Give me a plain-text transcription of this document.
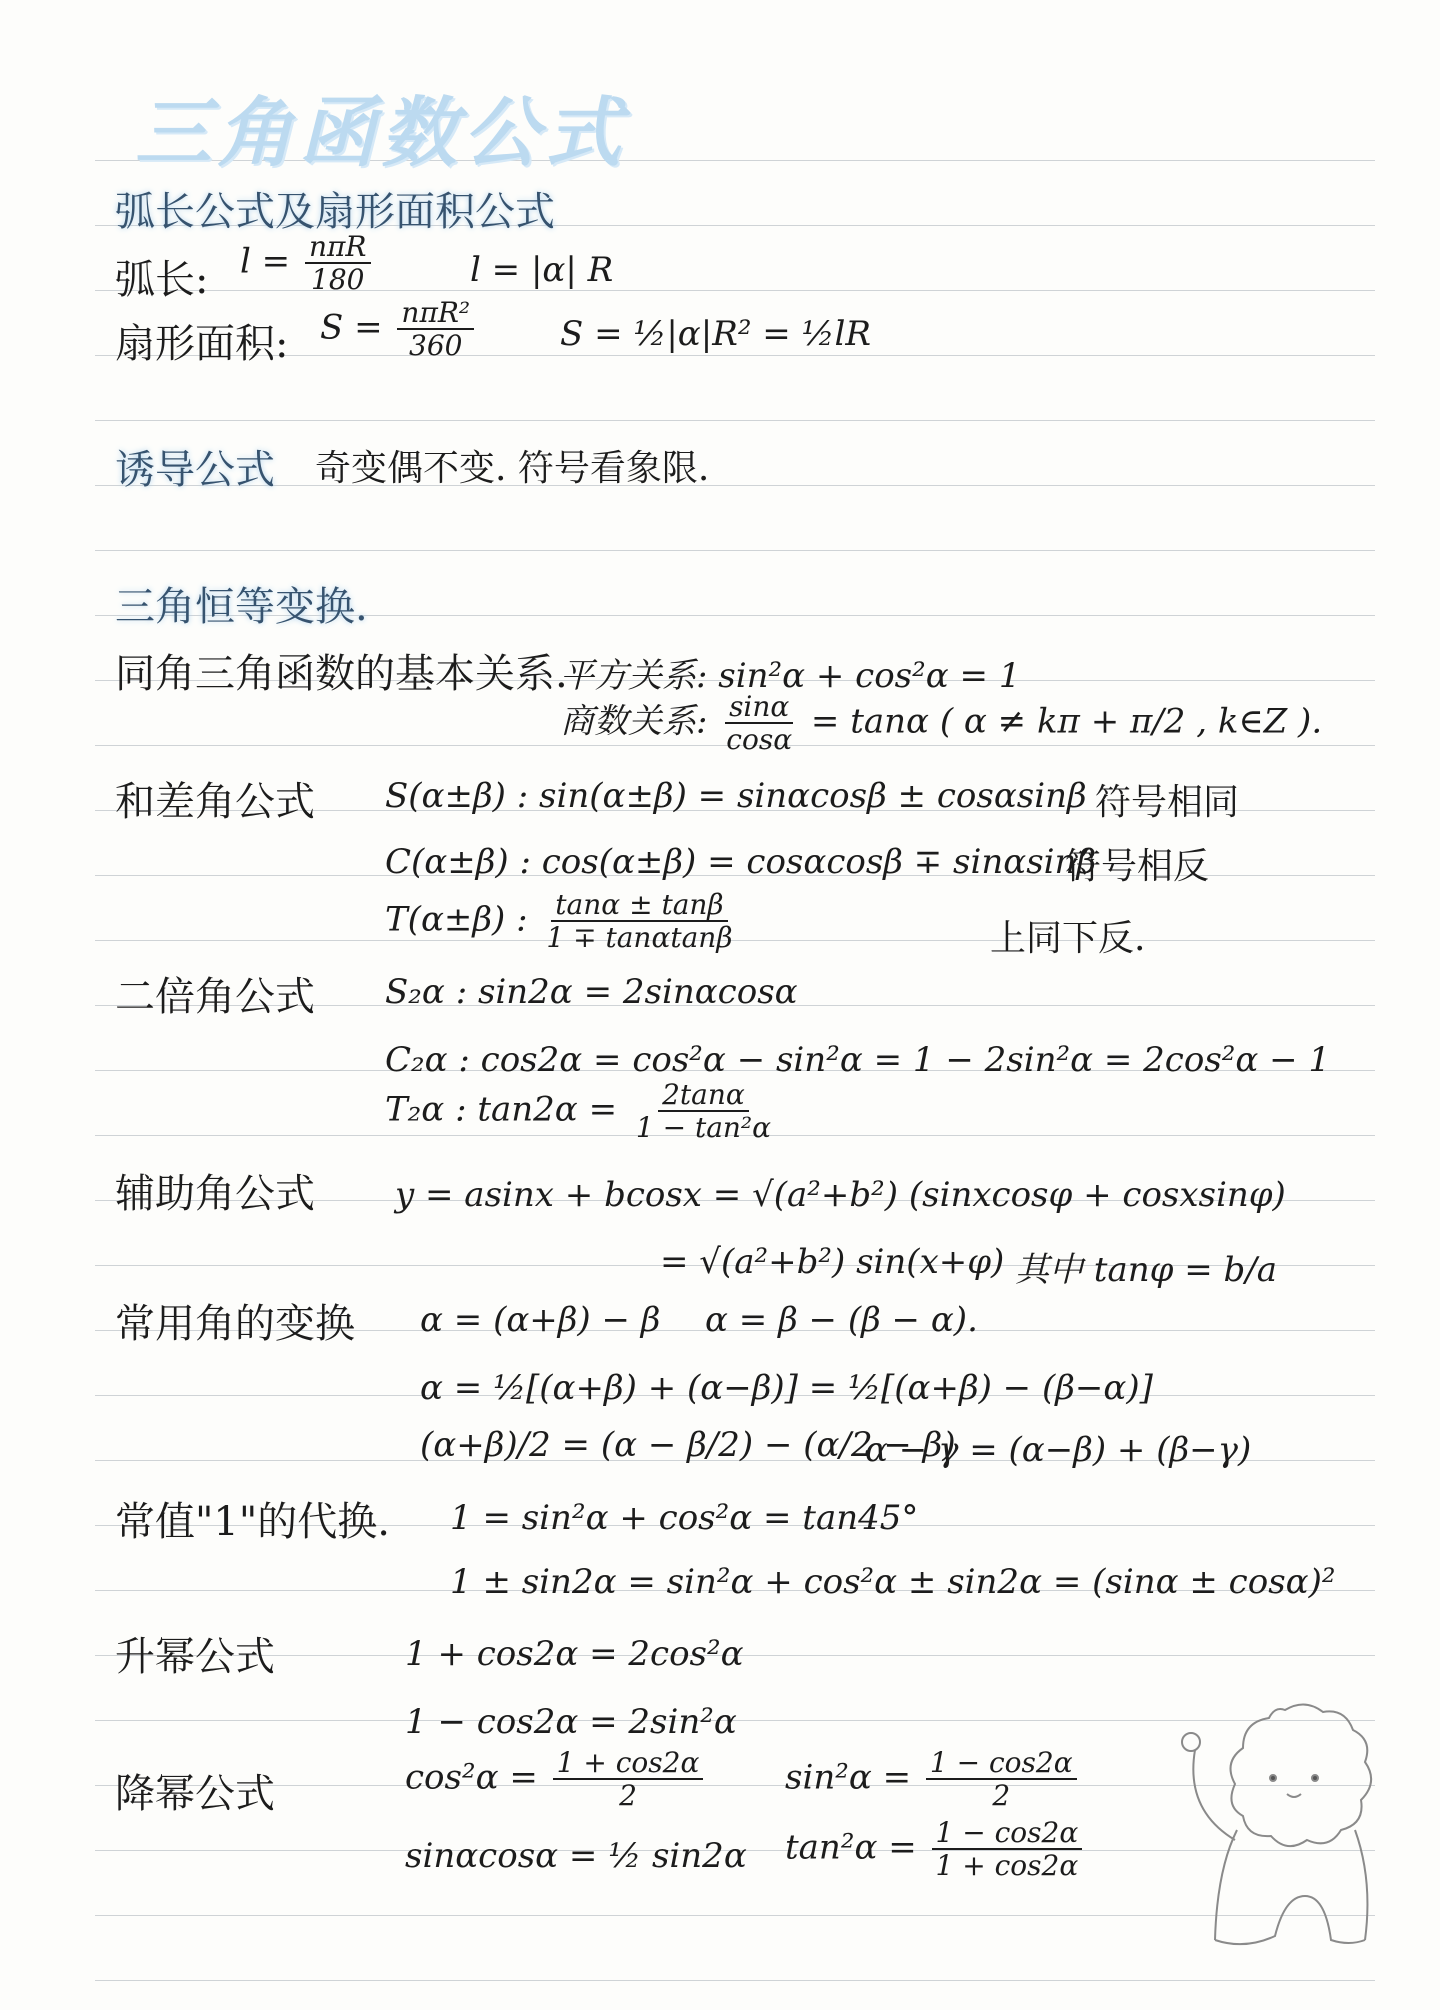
三角函数公式
弧长公式及扇形面积公式
弧长: $l = \frac{\text{nπR}}{180}$	l = |α| R
扇形面积: $S = \frac{\text{nπR²}}{360}$	S = ½|α|R² = ½lR
诱导公式 奇变偶不变. 符号看象限.
三角恒等变换.
同角三角函数的基本关系.
平方关系: sin²α + cos²α = 1
商数关系: $\frac{\sin\alpha}{\cos\alpha} = \tan\alpha$ ( α ≠ kπ + π/2 , k∈Z ).
和差角公式 S(α±β) : sin(α±β) = sinαcosβ ± cosαsinβ 符号相同
C(α±β) : cos(α±β) = cosαcosβ ∓ sinαsinβ
符号相反
T(α±β) : $\frac{\tan\alpha \pm \tan\beta}{1 \mp \tan\alpha\tan\beta}$	上同下反.
二倍角公式 S₂α : sin2α = 2sinαcosα
C₂α : cos2α = cos²α − sin²α = 1 − 2sin²α = 2cos²α − 1
T₂α : $\tan 2\alpha = \frac{2\tan\alpha}{\text{1 − tan²α}}$
辅助角公式 y = asinx + bcosx = √(a²+b²) (sinxcosφ + cosxsinφ)
= √(a²+b²) sin(x+φ) 其中 tanφ = b/a
常用角的变换 α = (α+β) − β α = β − (β − α).
α = ½[(α+β) + (α−β)] = ½[(α+β) − (β−α)]
(α+β)/2 = (α − β/2) − (α/2 − β)
α − γ = (α−β) + (β−γ)
常值"1"的代换. 1 = sin²α + cos²α = tan45°
1 ± sin2α = sin²α + cos²α ± sin2α = (sinα ± cosα)²
升幂公式	1 + cos2α = 2cos²α
1 − cos2α = 2sin²α
降幂公式	$\cos^2\alpha = \frac{1 + \cos 2\alpha}{2} \sin^2\alpha = \frac{1 - \cos 2\alpha}{2}$
sinαcosα = ½ sin2α $\tan^2\alpha = \frac{1 - \cos 2\alpha}{1 + \cos 2\alpha}$
